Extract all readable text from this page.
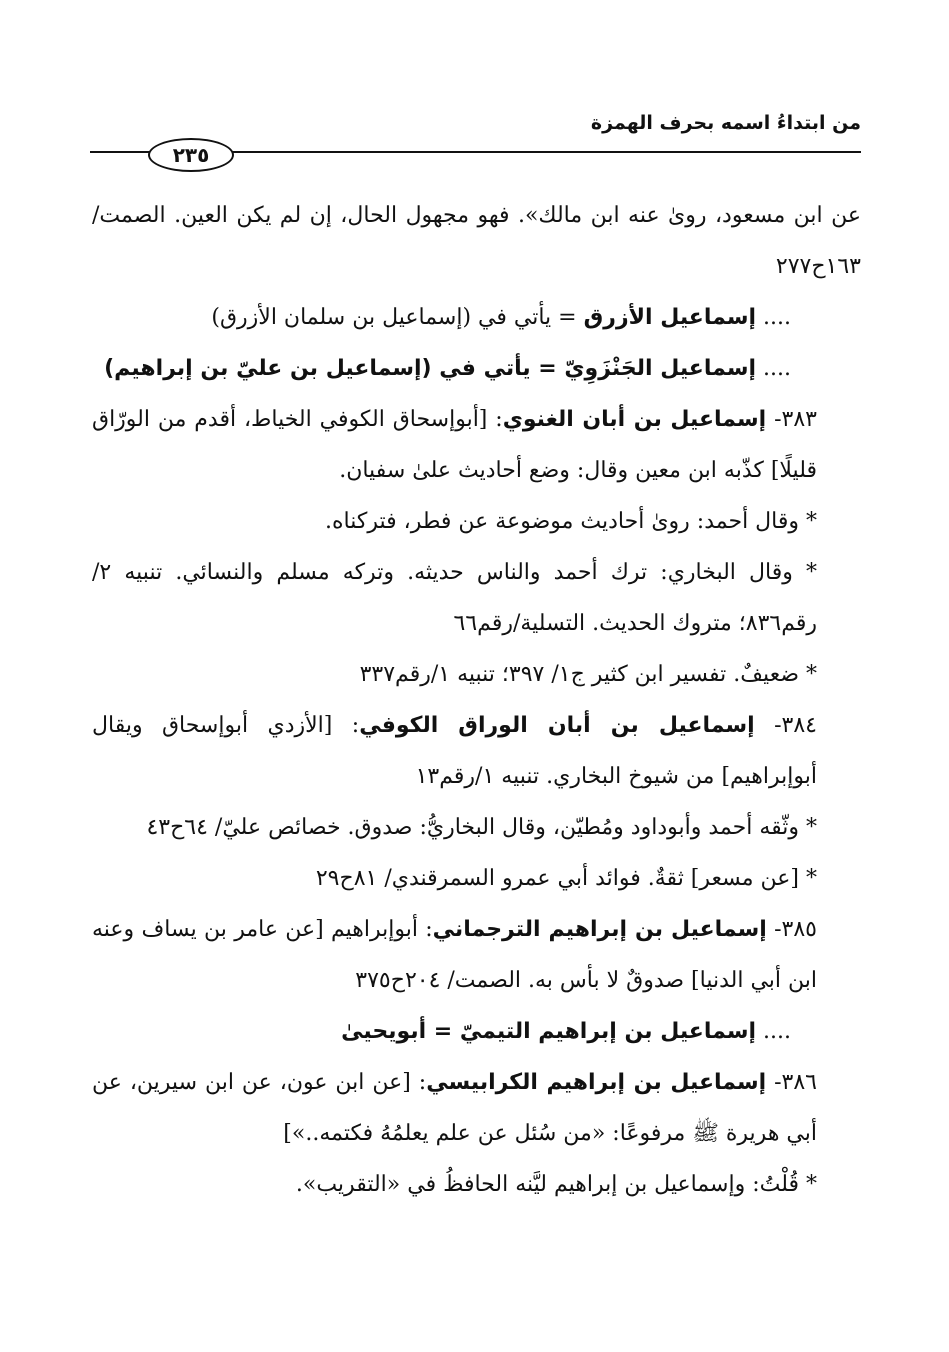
من ابتداءُ اسمه بحرف الهمزة
٢٣٥

عن ابن مسعود، رویٰ عنه ابن مالك». فهو مجهول الحال، إن لم يكن العين. الصمت/ ١٦٣ح٢٧٧

.... إسماعيل الأزرق = يأتي في (إسماعيل بن سلمان الأزرق)

.... إسماعيل الجَنْزَوِيّ = يأتي في (إسماعيل بن عليّ بن إبراهيم)

٣٨٣- إسماعيل بن أبان الغنوي: [أبوإسحاق الكوفي الخياط، أقدم من الورّاق قليلًا] كذّبه ابن معين وقال: وضع أحاديث علىٰ سفيان.

* وقال أحمد: رویٰ أحاديث موضوعة عن فطر، فتركناه.

* وقال البخاري: ترك أحمد والناس حديثه. وتركه مسلم والنسائي. تنبيه ٢/رقم٨٣٦؛ متروك الحديث. التسلية/رقم٦٦

* ضعيفٌ. تفسير ابن كثير ج١/ ٣٩٧؛ تنبيه ١/رقم٣٣٧

٣٨٤- إسماعيل بن أبان الوراق الكوفي: [الأزدي أبوإسحاق ويقال أبوإبراهيم] من شيوخ البخاري. تنبيه ١/رقم١٣

* وثّقه أحمد وأبوداود ومُطيّن، وقال البخاريُّ: صدوق. خصائص عليّ/ ٦٤ح٤٣

* [عن مسعر] ثقةٌ. فوائد أبي عمرو السمرقندي/ ٨١ح٢٩

٣٨٥- إسماعيل بن إبراهيم الترجماني: أبوإبراهيم [عن عامر بن يساف وعنه ابن أبي الدنيا] صدوقٌ لا بأس به. الصمت/ ٢٠٤ح٣٧٥

.... إسماعيل بن إبراهيم التيميّ = أبويحيىٰ

٣٨٦- إسماعيل بن إبراهيم الكرابيسي: [عن ابن عون، عن ابن سيرين، عن أبي هريرة ﷺ مرفوعًا: «من سُئل عن علم يعلمُهُ فكتمه..»]

* قُلْتُ: وإسماعيل بن إبراهيم ليَّنه الحافظُ في «التقريب».
